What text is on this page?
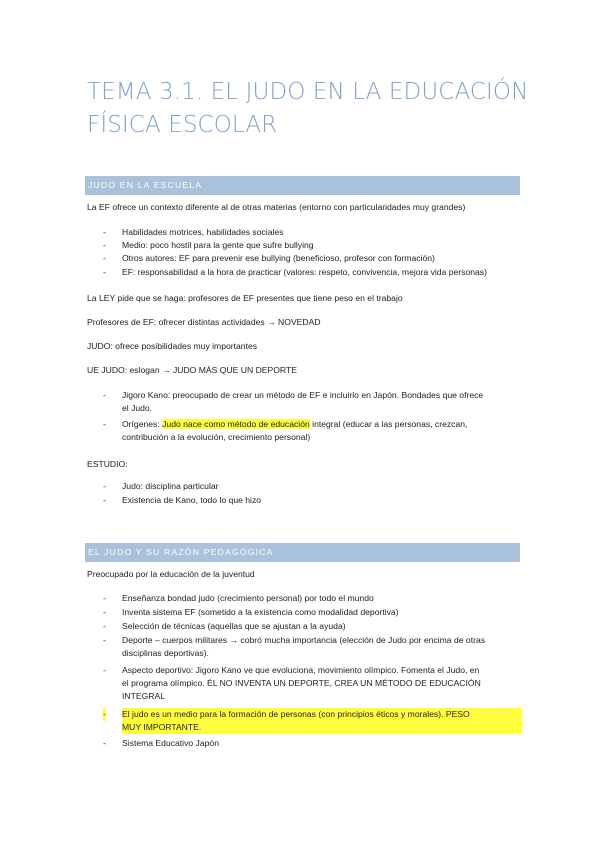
TEMA 3.1. EL JUDO EN LA EDUCACIÓN
FÍSICA ESCOLAR
JUDO EN LA ESCUELA
La EF ofrece un contexto diferente al de otras materias (entorno con particularidades muy grandes)
- Habilidades motrices, habilidades sociales
- Medio: poco hostil para la gente que sufre bullying
- Otros autores: EF para prevenir ese bullying (beneficioso, profesor con formación)
- EF: responsabilidad a la hora de practicar (valores: respeto, convivencia, mejora vida personas)
La LEY pide que se haga: profesores de EF presentes que tiene peso en el trabajo
Profesores de EF: ofrecer distintas actividades → NOVEDAD
JUDO: ofrece posibilidades muy importantes
UE JUDO: eslogan → JUDO MÁS QUE UN DEPORTE
- Jigoro Kano: preocupado de crear un método de EF e incluirlo en Japón. Bondades que ofrece
el Judo.
- Orígenes: Judo nace como método de educación integral (educar a las personas, crezcan,
contribución a la evolución, crecimiento personal)
ESTUDIO:
- Judo: disciplina particular
- Existencia de Kano, todo lo que hizo
EL JUDO Y SU RAZÓN PEDAGÓGICA
Preocupado por la educación de la juventud
- Enseñanza bondad judo (crecimiento personal) por todo el mundo
- Inventa sistema EF (sometido a la existencia como modalidad deportiva)
- Selección de técnicas (aquellas que se ajustan a la ayuda)
- Deporte – cuerpos militares → cobró mucha importancia (elección de Judo por encima de otras
disciplinas deportivas).
- Aspecto deportivo: Jigoro Kano ve que evoluciona, movimiento olímpico. Fomenta el Judo, en
el programa olímpico. ÉL NO INVENTA UN DEPORTE, CREA UN MÉTODO DE EDUCACIÓN
INTEGRAL
- El judo es un medio para la formación de personas (con principios éticos y morales). PESO
MUY IMPORTANTE.
- Sistema Educativo Japón
